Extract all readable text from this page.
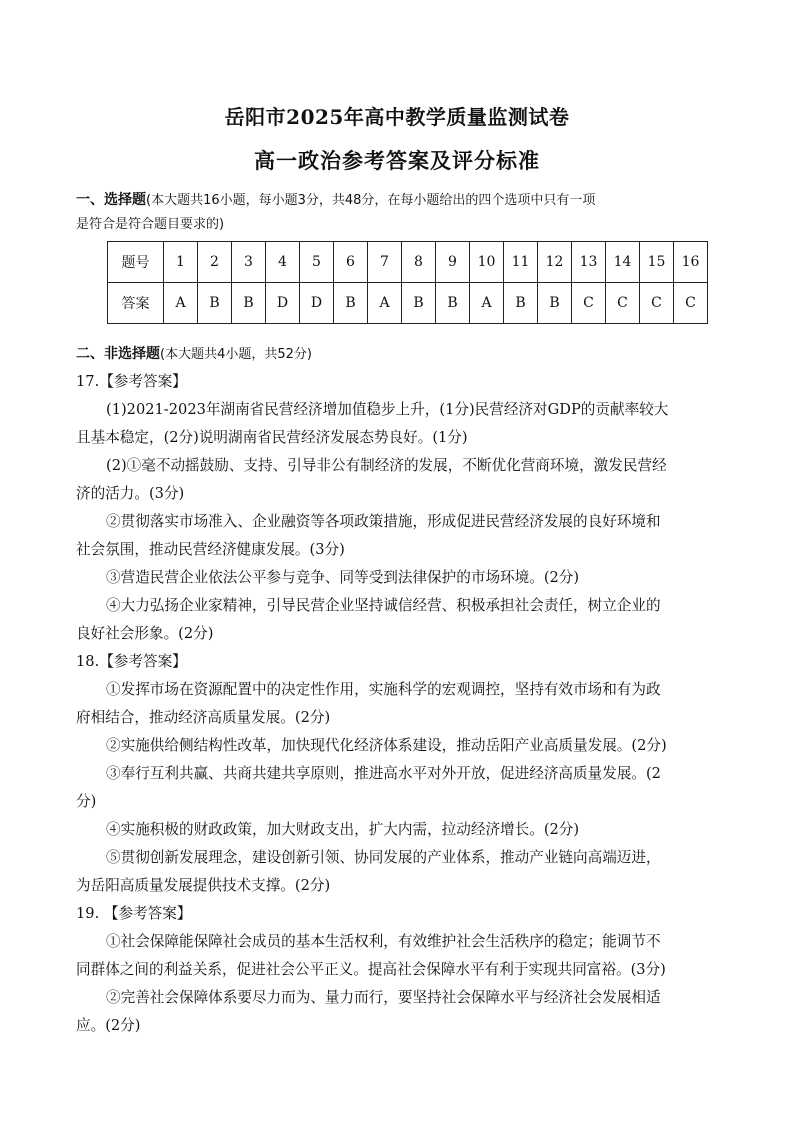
岳阳市2025年高中教学质量监测试卷
高一政治参考答案及评分标准
一、选择题(本大题共16小题，每小题3分，共48分，在每小题给出的四个选项中只有一项
是符合是符合题目要求的)
题号	1	2	3	4	5	6	7	8	9	10	11	12	13	14	15	16
答案	A	B	B	D	D	B	A	B	B	A	B	B	C	C	C	C
二、非选择题(本大题共4小题，共52分)
17.【参考答案】
(1)2021-2023年湖南省民营经济增加值稳步上升，(1分)民营经济对GDP的贡献率较大
且基本稳定，(2分)说明湖南省民营经济发展态势良好。(1分)
(2)①毫不动摇鼓励、支持、引导非公有制经济的发展，不断优化营商环境，激发民营经
济的活力。(3分)
②贯彻落实市场准入、企业融资等各项政策措施，形成促进民营经济发展的良好环境和
社会氛围，推动民营经济健康发展。(3分)
③营造民营企业依法公平参与竞争、同等受到法律保护的市场环境。(2分)
④大力弘扬企业家精神，引导民营企业坚持诚信经营、积极承担社会责任，树立企业的
良好社会形象。(2分)
18.【参考答案】
①发挥市场在资源配置中的决定性作用，实施科学的宏观调控，坚持有效市场和有为政
府相结合，推动经济高质量发展。(2分)
②实施供给侧结构性改革，加快现代化经济体系建设，推动岳阳产业高质量发展。(2分)
③奉行互利共赢、共商共建共享原则，推进高水平对外开放，促进经济高质量发展。(2
分)
④实施积极的财政政策，加大财政支出，扩大内需，拉动经济增长。(2分)
⑤贯彻创新发展理念，建设创新引领、协同发展的产业体系，推动产业链向高端迈进，
为岳阳高质量发展提供技术支撑。(2分)
19. 【参考答案】
①社会保障能保障社会成员的基本生活权利，有效维护社会生活秩序的稳定；能调节不
同群体之间的利益关系，促进社会公平正义。提高社会保障水平有利于实现共同富裕。(3分)
②完善社会保障体系要尽力而为、量力而行，要坚持社会保障水平与经济社会发展相适
应。(2分)
